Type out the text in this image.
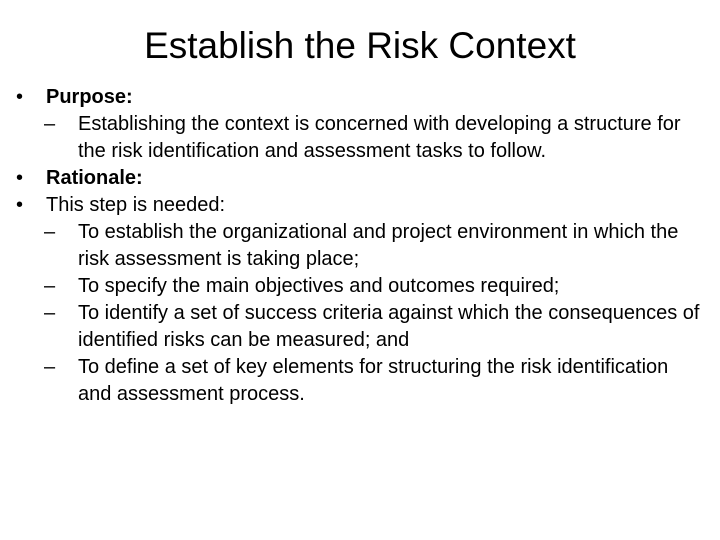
Establish the Risk Context
•	Purpose:
–	Establishing the context is concerned with developing a structure for the risk identification and assessment tasks to follow.
•	Rationale:
•	This step is needed:
–	To establish the organizational and project environment in which the risk assessment is taking place;
–	To specify the main objectives and outcomes required;
–	To identify a set of success criteria against which the consequences of identified risks can be measured; and
–	To define a set of key elements for structuring the risk identification and assessment process.
